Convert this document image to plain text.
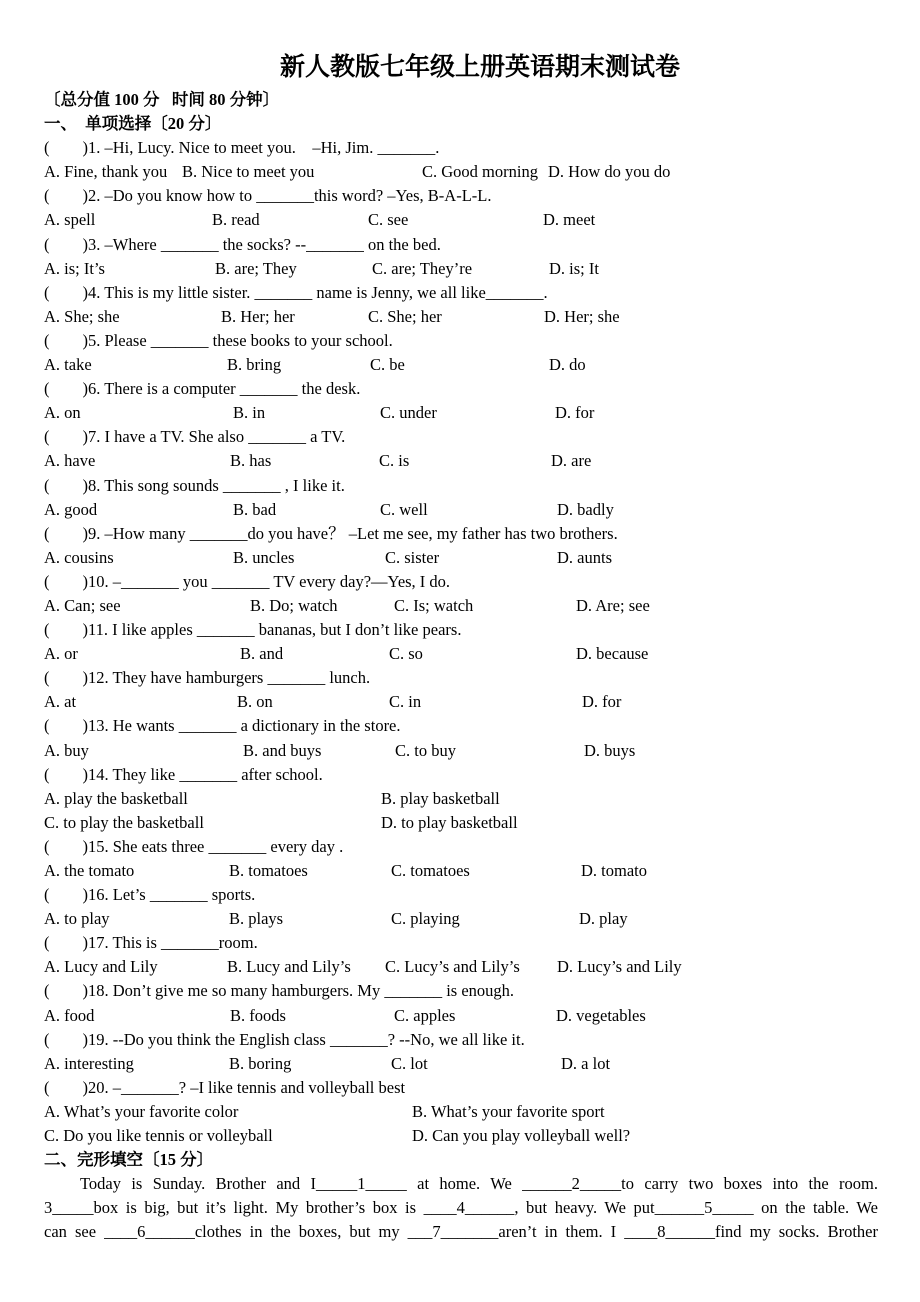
新人教版七年级上册英语期末测试卷
〔总分值 100 分   时间 80 分钟〕
一、  单项选择〔20 分〕
(        )1. –Hi, Lucy. Nice to meet you.    –Hi, Jim. _______.
A. Fine, thank you B. Nice to meet you	C. Good morning D. How do you do
(        )2. –Do you know how to _______this word? –Yes, B-A-L-L.
A. spell	B. read	C. see	D. meet
(        )3. –Where _______ the socks? --_______ on the bed.
A. is; It’s	B. are; They	C. are; They’re	D. is; It
(        )4. This is my little sister. _______ name is Jenny, we all like_______.
A. She; she	B. Her; her	C. She; her	D. Her; she
(        )5. Please _______ these books to your school.
A. take	B. bring	C. be	D. do
(        )6. There is a computer _______ the desk.
A. on	B. in	C. under	D. for
(        )7. I have a TV. She also _______ a TV.
A. have	B. has	C. is	D. are
(        )8. This song sounds _______ , I like it.
A. good	B. bad	C. well	D. badly
(        )9. –How many _______do you have？ –Let me see, my father has two brothers.
A. cousins	B. uncles	C. sister	D. aunts
(        )10. –_______ you _______ TV every day?—Yes, I do.
A. Can; see	B. Do; watch	C. Is; watch	D. Are; see
(        )11. I like apples _______ bananas, but I don’t like pears.
A. or	B. and	C. so	D. because
(        )12. They have hamburgers _______ lunch.
A. at	B. on	C. in	D. for
(        )13. He wants _______ a dictionary in the store.
A. buy	B. and buys	C. to buy	D. buys
(        )14. They like _______ after school.
A. play the basketball	B. play basketball
C. to play the basketball	D. to play basketball
(        )15. She eats three _______ every day .
A. the tomato	B. tomatoes	C. tomatoes	D. tomato
(        )16. Let’s _______ sports.
A. to play	B. plays	C. playing	D. play
(        )17. This is _______room.
A. Lucy and Lily	B. Lucy and Lily’s C. Lucy’s and Lily’s D. Lucy’s and Lily
(        )18. Don’t give me so many hamburgers. My _______ is enough.
A. food	B. foods	C. apples	D. vegetables
(        )19. --Do you think the English class _______? --No, we all like it.
A. interesting	B. boring	C. lot	D. a lot
(        )20. –_______? –I like tennis and volleyball best
A. What’s your favorite color	B. What’s your favorite sport
C. Do you like tennis or volleyball	D. Can you play volleyball well?
二、完形填空〔15 分〕
Today is Sunday. Brother and I_____1_____ at home. We ______2_____to carry two boxes into the room.
3_____box is big, but it’s light. My brother’s box is ____4______, but heavy. We put______5_____ on the table. We
can see ____6______clothes in the boxes, but my ___7_______aren’t in them. I ____8______find my socks. Brother
